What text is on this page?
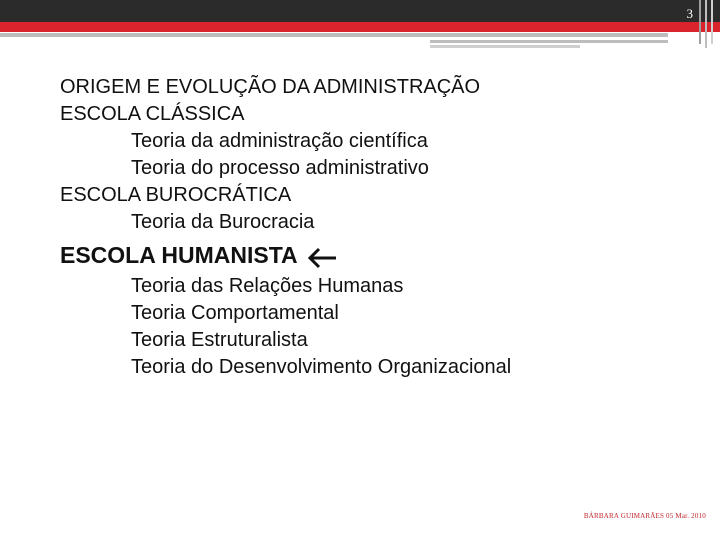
3
ORIGEM E EVOLUÇÃO DA ADMINISTRAÇÃO
ESCOLA CLÁSSICA
Teoria da administração científica
Teoria do processo administrativo
ESCOLA BUROCRÁTICA
Teoria da Burocracia
ESCOLA HUMANISTA
Teoria das Relações Humanas
Teoria Comportamental
Teoria Estruturalista
Teoria do Desenvolvimento Organizacional
BÁRBARA GUIMARÃES 05 Mar. 2010
